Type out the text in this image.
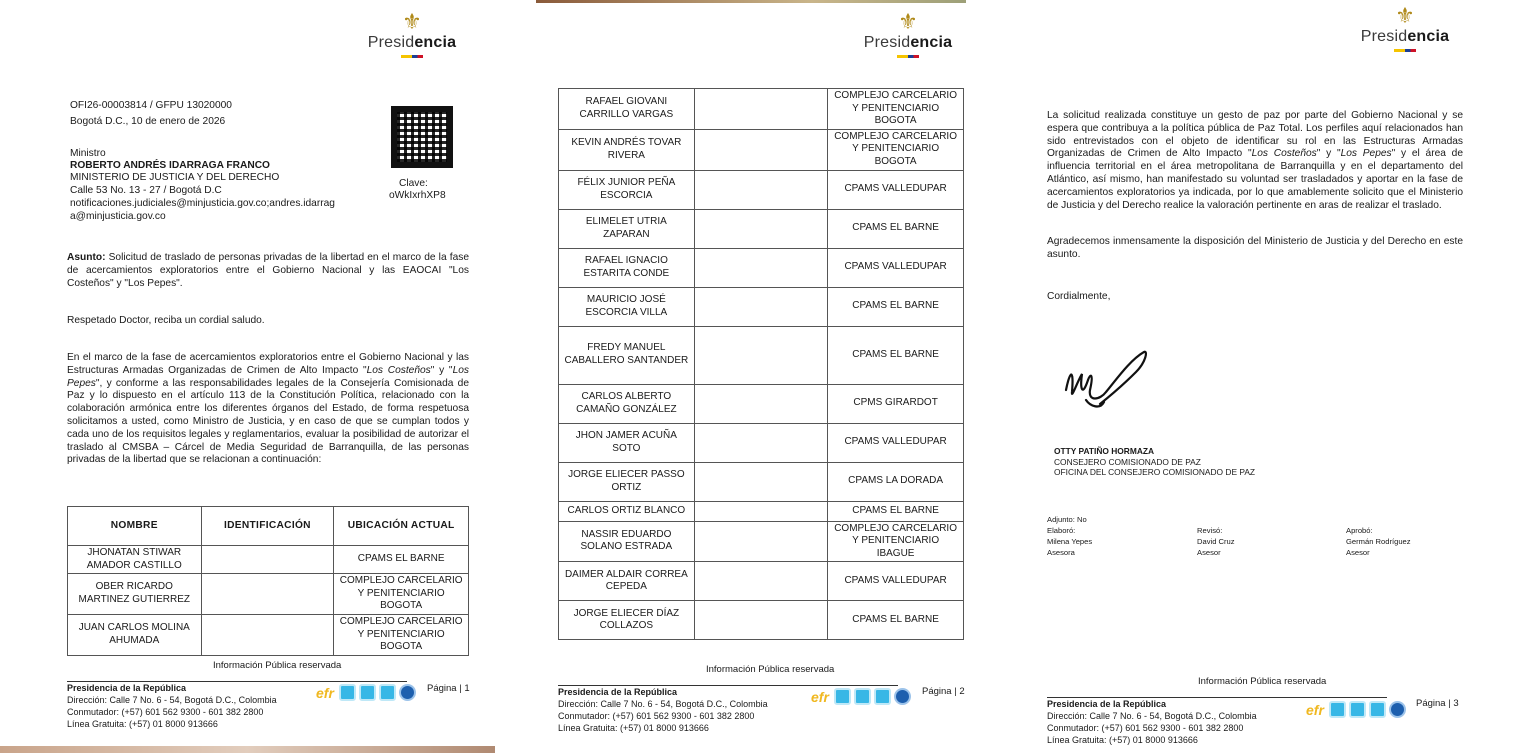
⚜
Presidencia
OFI26-00003814 / GFPU 13020000
Bogotá D.C., 10 de enero de 2026
Clave:
oWkIxrhXP8
Ministro
ROBERTO ANDRÉS IDARRAGA FRANCO
MINISTERIO DE JUSTICIA Y DEL DERECHO
Calle 53 No. 13 - 27 / Bogotá D.C
notificaciones.judiciales@minjusticia.gov.co;andres.idarrag
a@minjusticia.gov.co
Asunto: Solicitud de traslado de personas privadas de la libertad en el marco de la fase de acercamientos exploratorios entre el Gobierno Nacional y las EAOCAI "Los Costeños" y "Los Pepes".
Respetado Doctor, reciba un cordial saludo.
En el marco de la fase de acercamientos exploratorios entre el Gobierno Nacional y las Estructuras Armadas Organizadas de Crimen de Alto Impacto "Los Costeños" y "Los Pepes", y conforme a las responsabilidades legales de la Consejería Comisionada de Paz y lo dispuesto en el artículo 113 de la Constitución Política, relacionado con la colaboración armónica entre los diferentes órganos del Estado, de forma respetuosa solicitamos a usted, como Ministro de Justicia, y en caso de que se cumplan todos y cada uno de los requisitos legales y reglamentarios, evaluar la posibilidad de autorizar el traslado al CMSBA – Cárcel de Media Seguridad de Barranquilla, de las personas privadas de la libertad que se relacionan a continuación:
NOMBRE	IDENTIFICACIÓN	UBICACIÓN ACTUAL
JHONATAN STIWAR AMADOR CASTILLO		CPAMS EL BARNE
OBER RICARDO MARTINEZ GUTIERREZ		COMPLEJO CARCELARIO Y PENITENCIARIO BOGOTA
JUAN CARLOS MOLINA AHUMADA		COMPLEJO CARCELARIO Y PENITENCIARIO BOGOTA
Información Pública reservada
Presidencia de la República
Dirección: Calle 7 No. 6 - 54, Bogotá D.C., Colombia
Conmutador: (+57) 601 562 9300 - 601 382 2800
Línea Gratuita: (+57) 01 8000 913666
efr	Página | 1
⚜
Presidencia
RAFAEL GIOVANI CARRILLO VARGAS		COMPLEJO CARCELARIO Y PENITENCIARIO BOGOTA
KEVIN ANDRÉS TOVAR RIVERA		COMPLEJO CARCELARIO Y PENITENCIARIO BOGOTA
FÉLIX JUNIOR PEÑA ESCORCIA		CPAMS VALLEDUPAR
ELIMELET UTRIA ZAPARAN		CPAMS EL BARNE
RAFAEL IGNACIO ESTARITA CONDE		CPAMS VALLEDUPAR
MAURICIO JOSÉ ESCORCIA VILLA		CPAMS EL BARNE
FREDY MANUEL CABALLERO SANTANDER		CPAMS EL BARNE
CARLOS ALBERTO CAMAÑO GONZÁLEZ		CPMS GIRARDOT
JHON JAMER ACUÑA SOTO		CPAMS VALLEDUPAR
JORGE ELIECER PASSO ORTIZ		CPAMS LA DORADA
CARLOS ORTIZ BLANCO		CPAMS EL BARNE
NASSIR EDUARDO SOLANO ESTRADA		COMPLEJO CARCELARIO Y PENITENCIARIO IBAGUE
DAIMER ALDAIR CORREA CEPEDA		CPAMS VALLEDUPAR
JORGE ELIECER DÍAZ COLLAZOS		CPAMS EL BARNE
Información Pública reservada
Presidencia de la República
Dirección: Calle 7 No. 6 - 54, Bogotá D.C., Colombia
Conmutador: (+57) 601 562 9300 - 601 382 2800
Línea Gratuita: (+57) 01 8000 913666
efr	Página | 2
⚜
Presidencia
La solicitud realizada constituye un gesto de paz por parte del Gobierno Nacional y se espera que contribuya a la política pública de Paz Total. Los perfiles aquí relacionados han sido entrevistados con el objeto de identificar su rol en las Estructuras Armadas Organizadas de Crimen de Alto Impacto "Los Costeños" y "Los Pepes" y el área de influencia territorial en el área metropolitana de Barranquilla y en el departamento del Atlántico, así mismo, han manifestado su voluntad ser trasladados y aportar en la fase de acercamientos exploratorios ya indicada, por lo que amablemente solicito que el Ministerio de Justicia y del Derecho realice la valoración pertinente en aras de realizar el traslado.
Agradecemos inmensamente la disposición del Ministerio de Justicia y del Derecho en este asunto.
Cordialmente,
OTTY PATIÑO HORMAZA
CONSEJERO COMISIONADO DE PAZ
OFICINA DEL CONSEJERO COMISIONADO DE PAZ
Adjunto: No
Elaboró:
Milena Yepes
Asesora
Revisó:
David Cruz
Asesor
Aprobó:
Germán Rodríguez
Asesor
Información Pública reservada
Presidencia de la República
Dirección: Calle 7 No. 6 - 54, Bogotá D.C., Colombia
Conmutador: (+57) 601 562 9300 - 601 382 2800
Línea Gratuita: (+57) 01 8000 913666
efr	Página | 3
